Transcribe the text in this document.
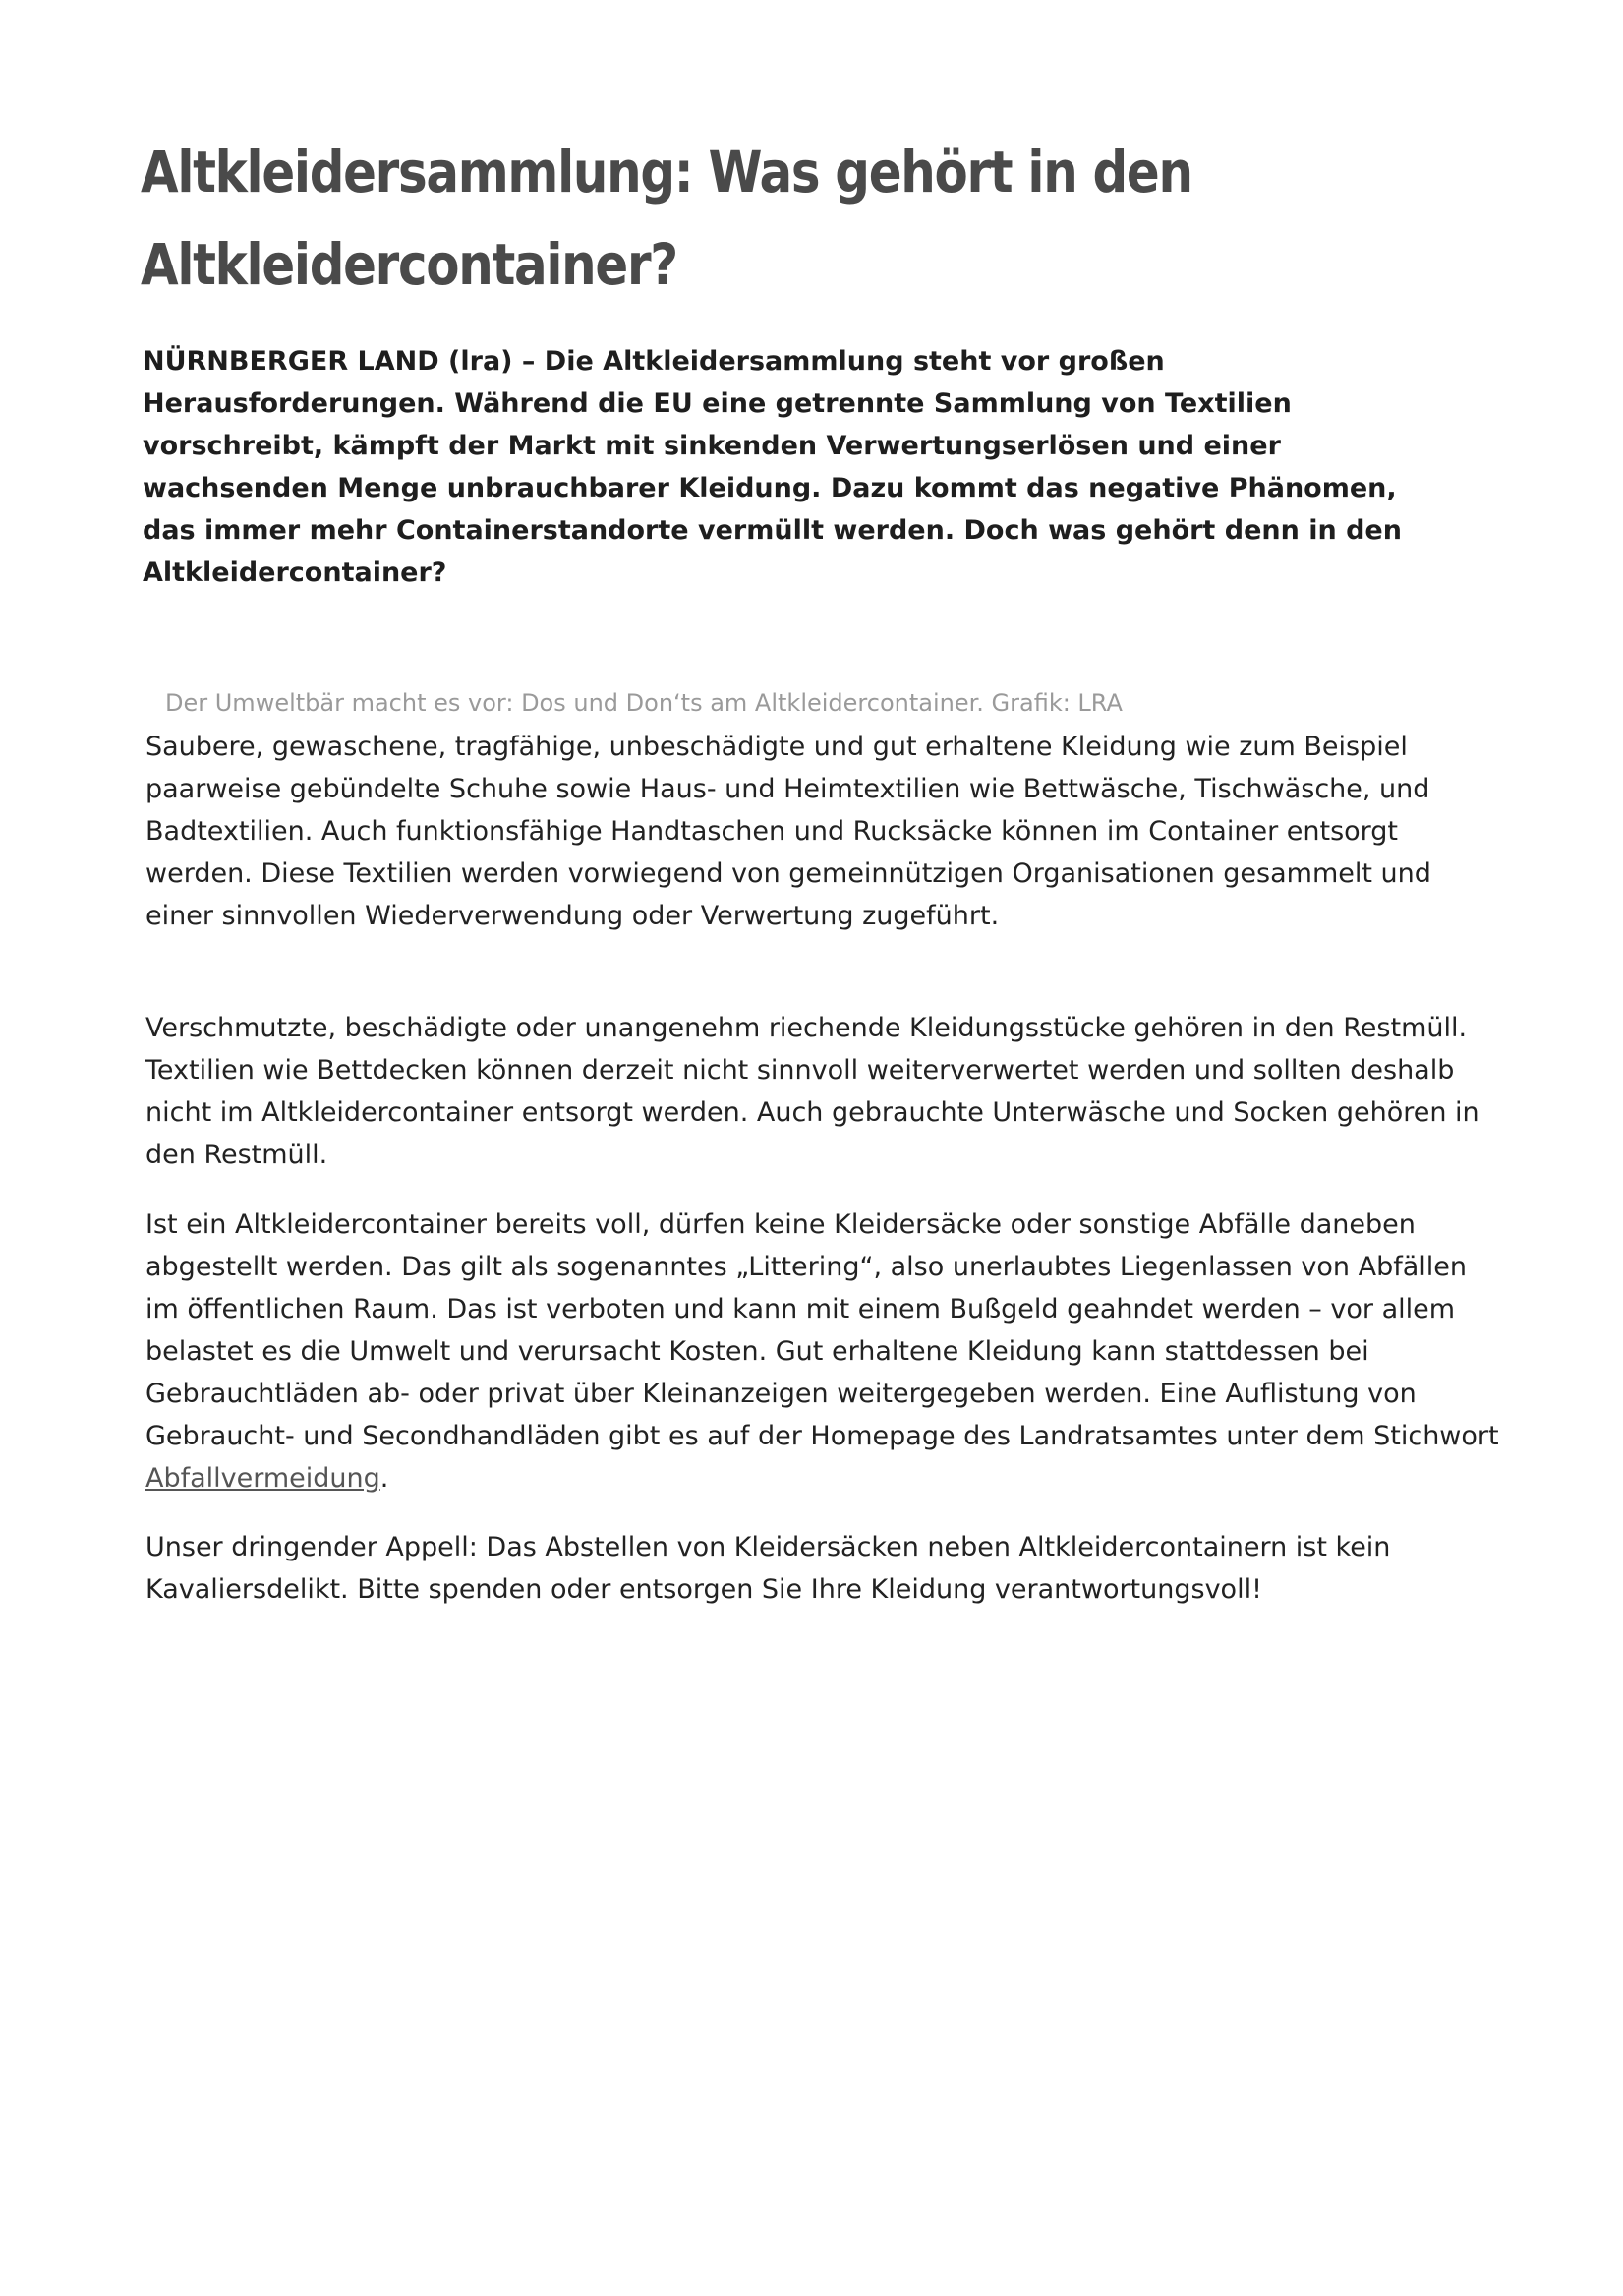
Altkleidersammlung: Was gehört in den Altkleidercontainer?

NÜRNBERGER LAND (lra) – Die Altkleidersammlung steht vor großen Herausforderungen. Während die EU eine getrennte Sammlung von Textilien vorschreibt, kämpft der Markt mit sinkenden Verwertungserlösen und einer wachsenden Menge unbrauchbarer Kleidung. Dazu kommt das negative Phänomen, das immer mehr Containerstandorte vermüllt werden. Doch was gehört denn in den Altkleidercontainer?

Der Umweltbär macht es vor: Dos und Don‘ts am Altkleidercontainer. Grafik: LRA

Saubere, gewaschene, tragfähige, unbeschädigte und gut erhaltene Kleidung wie zum Beispiel paarweise gebündelte Schuhe sowie Haus- und Heimtextilien wie Bettwäsche, Tischwäsche, und Badtextilien. Auch funktionsfähige Handtaschen und Rucksäcke können im Container entsorgt werden. Diese Textilien werden vorwiegend von gemeinnützigen Organisationen gesammelt und einer sinnvollen Wiederverwendung oder Verwertung zugeführt.

Verschmutzte, beschädigte oder unangenehm riechende Kleidungsstücke gehören in den Restmüll. Textilien wie Bettdecken können derzeit nicht sinnvoll weiterverwertet werden und sollten deshalb nicht im Altkleidercontainer entsorgt werden. Auch gebrauchte Unterwäsche und Socken gehören in den Restmüll.

Ist ein Altkleidercontainer bereits voll, dürfen keine Kleidersäcke oder sonstige Abfälle daneben abgestellt werden. Das gilt als sogenanntes „Littering“, also unerlaubtes Liegenlassen von Abfällen im öffentlichen Raum. Das ist verboten und kann mit einem Bußgeld geahndet werden – vor allem belastet es die Umwelt und verursacht Kosten. Gut erhaltene Kleidung kann stattdessen bei Gebrauchtläden ab- oder privat über Kleinanzeigen weitergegeben werden. Eine Auflistung von Gebraucht- und Secondhandläden gibt es auf der Homepage des Landratsamtes unter dem Stichwort Abfallvermeidung.

Unser dringender Appell: Das Abstellen von Kleidersäcken neben Altkleidercontainern ist kein Kavaliersdelikt. Bitte spenden oder entsorgen Sie Ihre Kleidung verantwortungsvoll!
